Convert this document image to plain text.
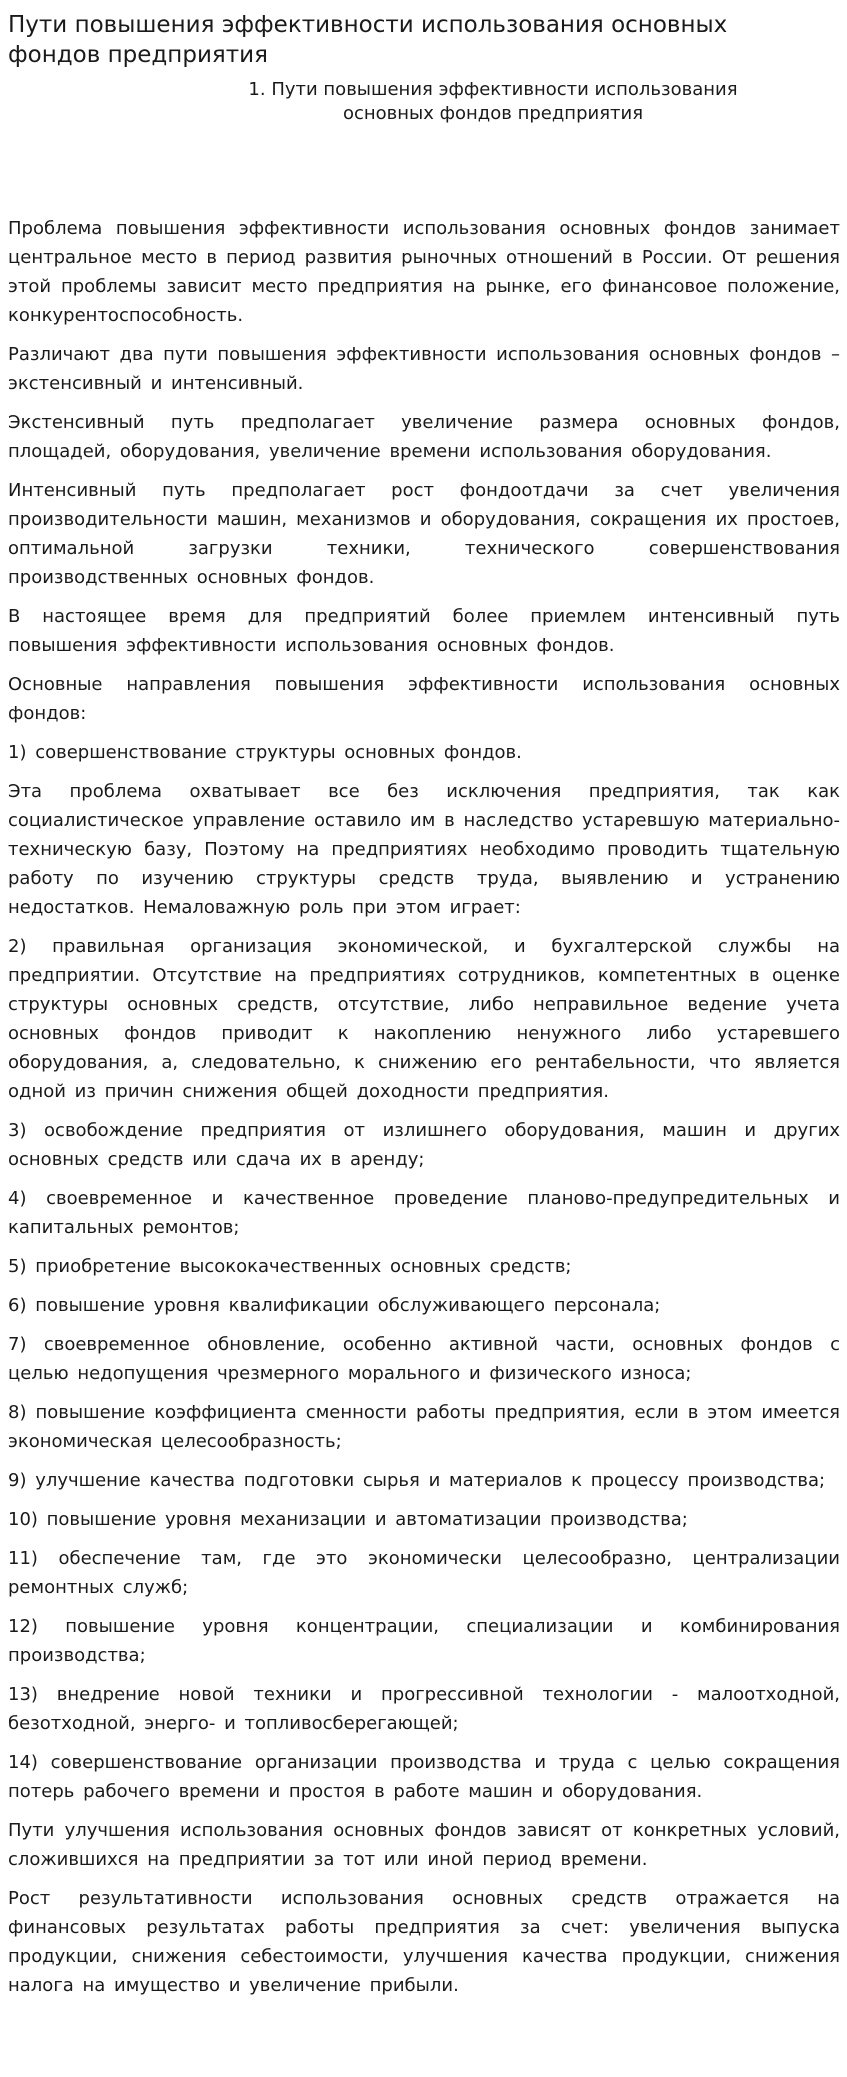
Пути повышения эффективности использования основных фондов предприятия
1. Пути повышения эффективности использования основных фондов предприятия

Проблема повышения эффективности использования основных фондов занимает центральное место в период развития рыночных отношений в России. От решения этой проблемы зависит место предприятия на рынке, его финансовое положение, конкурентоспособность.

Различают два пути повышения эффективности использования основных фондов – экстенсивный и интенсивный.

Экстенсивный путь предполагает увеличение размера основных фондов, площадей, оборудования, увеличение времени использования оборудования.

Интенсивный путь предполагает рост фондоотдачи за счет увеличения производительности машин, механизмов и оборудования, сокращения их простоев, оптимальной загрузки техники, технического совершенствования производственных основных фондов.

В настоящее время для предприятий более приемлем интенсивный путь повышения эффективности использования основных фондов.

Основные направления повышения эффективности использования основных фондов:

1) совершенствование структуры основных фондов.

Эта проблема охватывает все без исключения предприятия, так как социалистическое управление оставило им в наследство устаревшую материально-техническую базу, Поэтому на предприятиях необходимо проводить тщательную работу по изучению структуры средств труда, выявлению и устранению недостатков. Немаловажную роль при этом играет:

2) правильная организация экономической, и бухгалтерской службы на предприятии. Отсутствие на предприятиях сотрудников, компетентных в оценке структуры основных средств, отсутствие, либо неправильное ведение учета основных фондов приводит к накоплению ненужного либо устаревшего оборудования, а, следовательно, к снижению его рентабельности, что является одной из причин снижения общей доходности предприятия.

3) освобождение предприятия от излишнего оборудования, машин и других основных средств или сдача их в аренду;

4) своевременное и качественное проведение планово-предупредительных и капитальных ремонтов;

5) приобретение высококачественных основных средств;

6) повышение уровня квалификации обслуживающего персонала;

7) своевременное обновление, особенно активной части, основных фондов с целью недопущения чрезмерного морального и физического износа;

8) повышение коэффициента сменности работы предприятия, если в этом имеется экономическая целесообразность;

9) улучшение качества подготовки сырья и материалов к процессу производства;

10) повышение уровня механизации и автоматизации производства;

11) обеспечение там, где это экономически целесообразно, централизации ремонтных служб;

12) повышение уровня концентрации, специализации и комбинирования производства;

13) внедрение новой техники и прогрессивной технологии - малоотходной, безотходной, энерго- и топливосберегающей;

14) совершенствование организации производства и труда с целью сокращения потерь рабочего времени и простоя в работе машин и оборудования.

Пути улучшения использования основных фондов зависят от конкретных условий, сложившихся на предприятии за тот или иной период времени.

Рост результативности использования основных средств отражается на финансовых результатах работы предприятия за счет: увеличения выпуска продукции, снижения себестоимости, улучшения качества продукции, снижения налога на имущество и увеличение прибыли.
